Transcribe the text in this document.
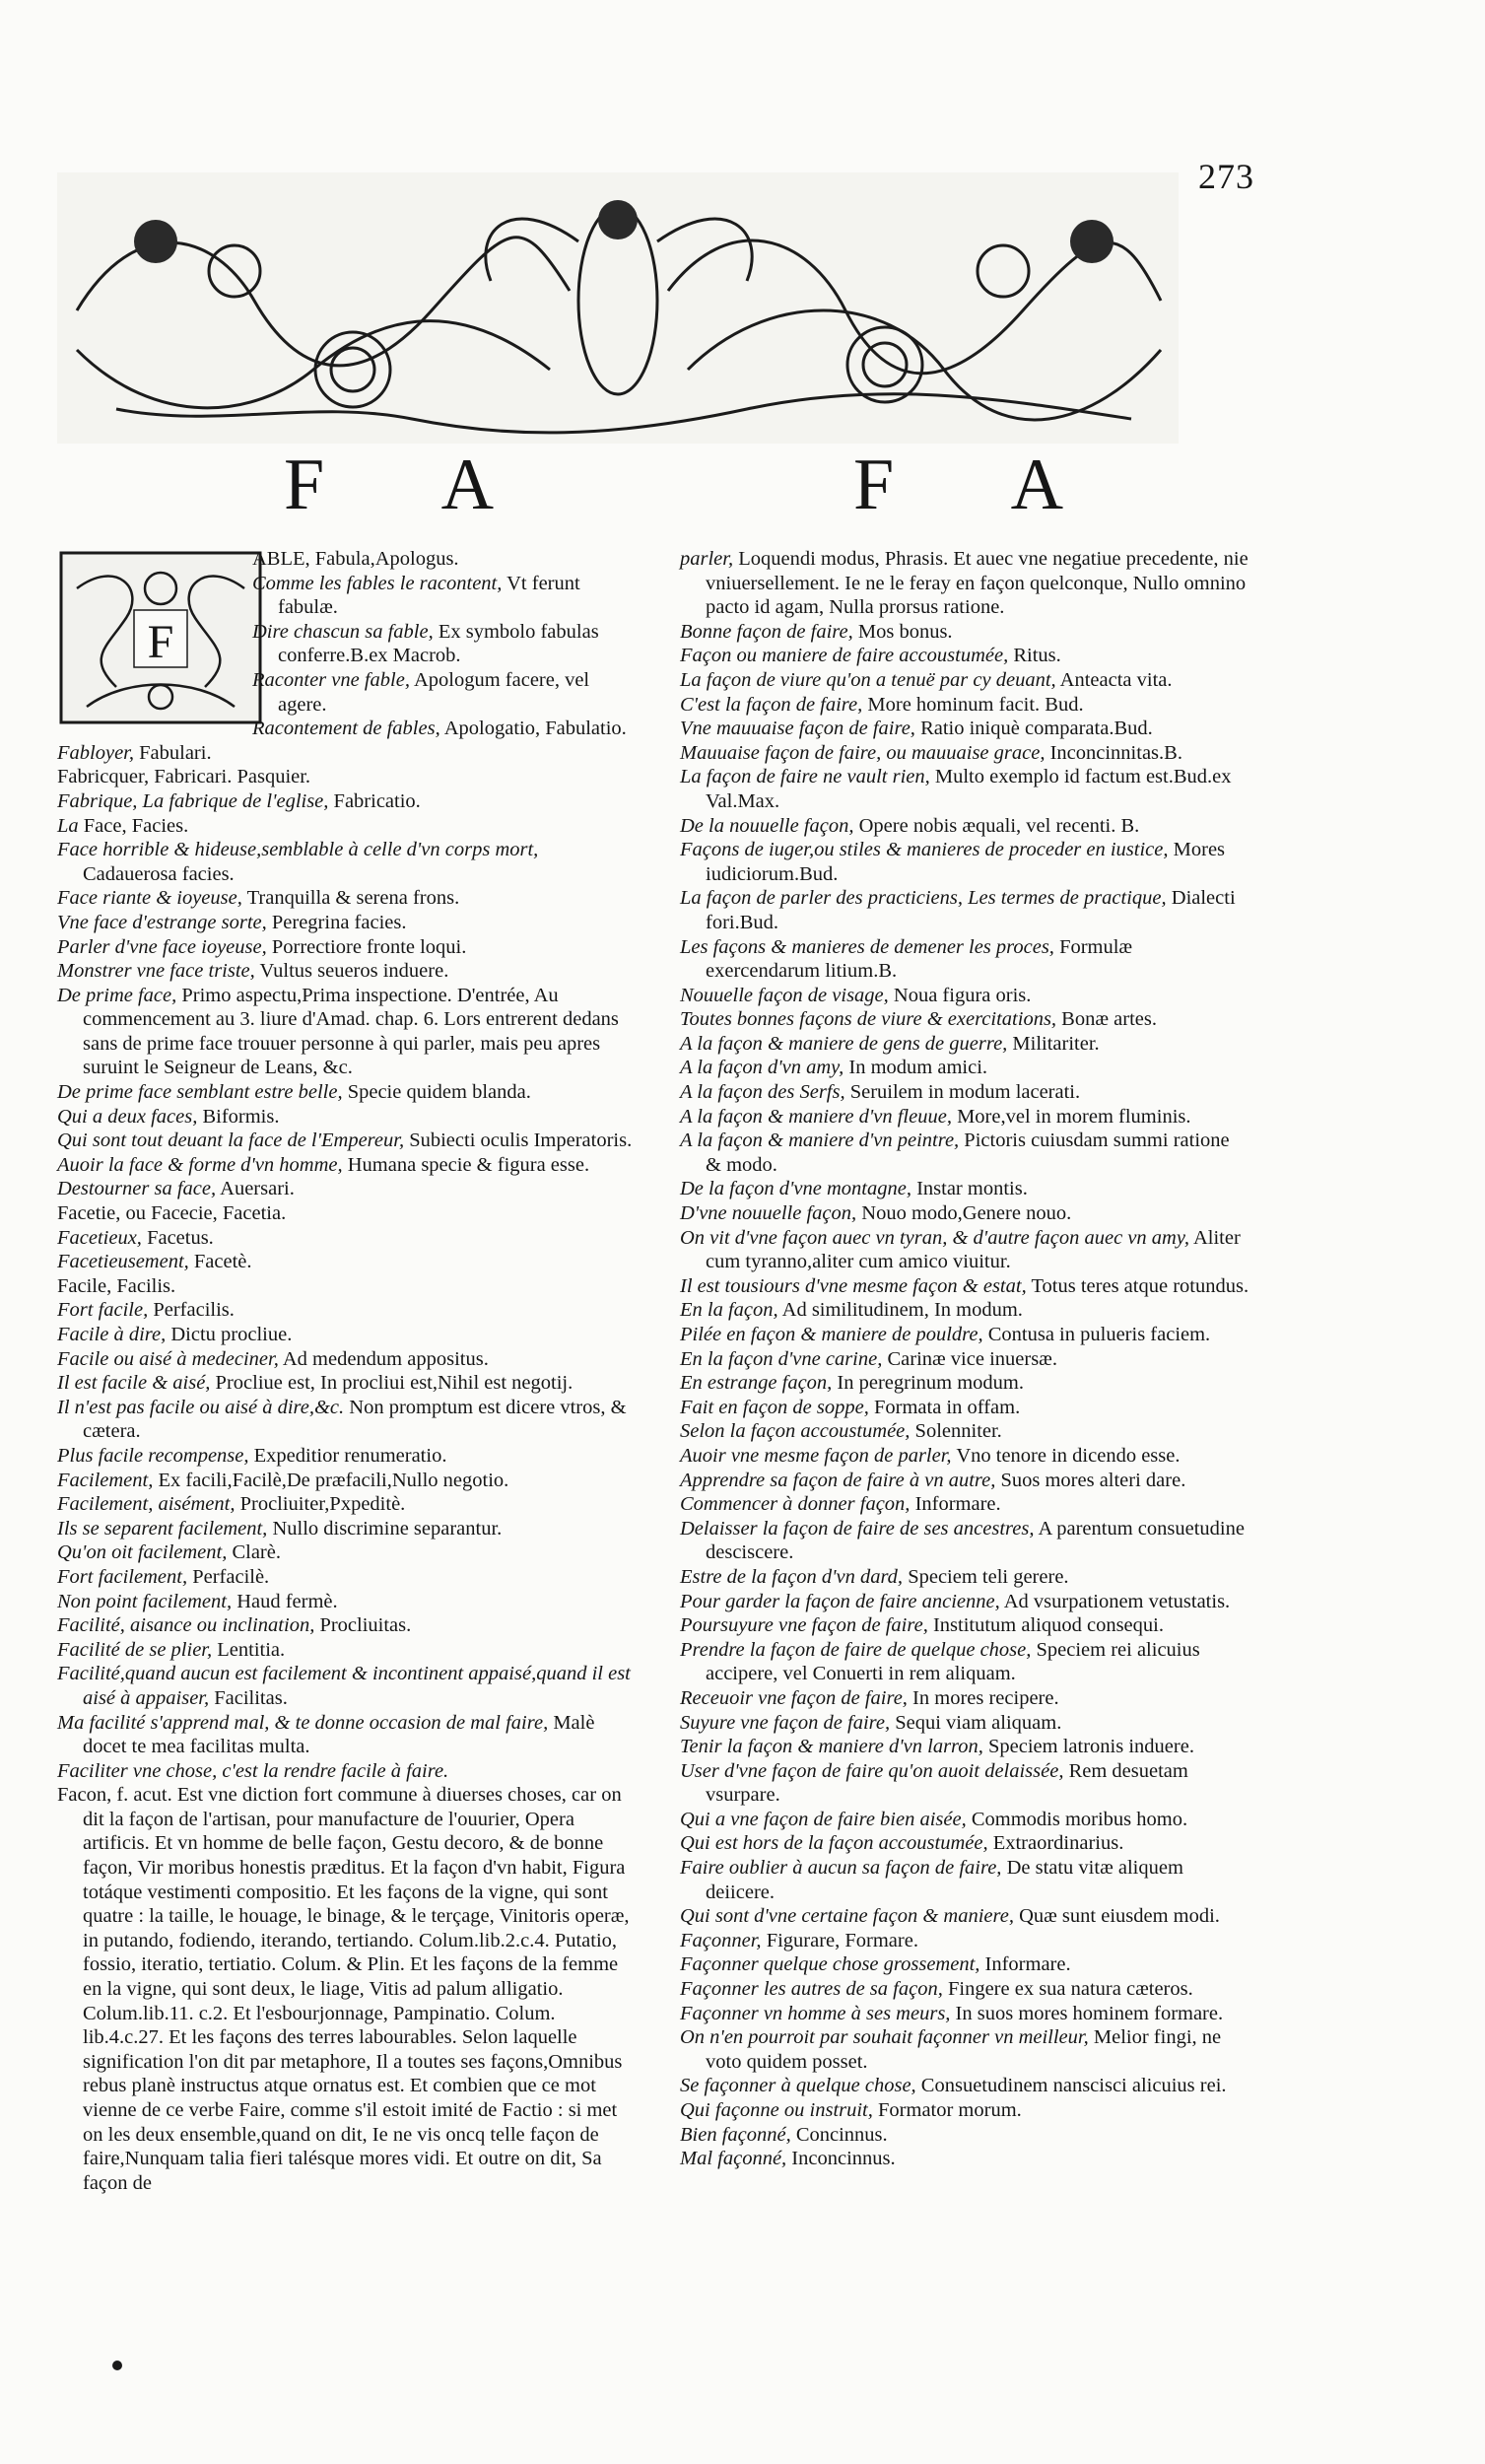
273
F A	F A
F

ABLE, Fabula,Apologus.

Comme les fables le racontent, Vt ferunt fabulæ.

Dire chascun sa fable, Ex symbolo fabulas conferre.B.ex Macrob.

Raconter vne fable, Apologum facere, vel agere.

Racontement de fables, Apologatio, Fabulatio.

Fabloyer, Fabulari.

Fabricquer, Fabricari. Pasquier.

Fabrique, La fabrique de l'eglise, Fabricatio.

La Face, Facies.

Face horrible & hideuse,semblable à celle d'vn corps mort, Cadauerosa facies.

Face riante & ioyeuse, Tranquilla & serena frons.

Vne face d'estrange sorte, Peregrina facies.

Parler d'vne face ioyeuse, Porrectiore fronte loqui.

Monstrer vne face triste, Vultus seueros induere.

De prime face, Primo aspectu,Prima inspectione. D'entrée, Au commencement au 3. liure d'Amad. chap. 6. Lors entrerent dedans sans de prime face trouuer personne à qui parler, mais peu apres suruint le Seigneur de Leans, &c.

De prime face semblant estre belle, Specie quidem blanda.

Qui a deux faces, Biformis.

Qui sont tout deuant la face de l'Empereur, Subiecti oculis Imperatoris.

Auoir la face & forme d'vn homme, Humana specie & figura esse.

Destourner sa face, Auersari.

Facetie, ou Facecie, Facetia.

Facetieux, Facetus.

Facetieusement, Facetè.

Facile, Facilis.

Fort facile, Perfacilis.

Facile à dire, Dictu procliue.

Facile ou aisé à medeciner, Ad medendum appositus.

Il est facile & aisé, Procliue est, In procliui est,Nihil est negotij.

Il n'est pas facile ou aisé à dire,&c. Non promptum est dicere vtros, & cætera.

Plus facile recompense, Expeditior renumeratio.

Facilement, Ex facili,Facilè,De præfacili,Nullo negotio.

Facilement, aisément, Procliuiter,Pxpeditè.

Ils se separent facilement, Nullo discrimine separantur.

Qu'on oit facilement, Clarè.

Fort facilement, Perfacilè.

Non point facilement, Haud fermè.

Facilité, aisance ou inclination, Procliuitas.

Facilité de se plier, Lentitia.

Facilité,quand aucun est facilement & incontinent appaisé,quand il est aisé à appaiser, Facilitas.

Ma facilité s'apprend mal, & te donne occasion de mal faire, Malè docet te mea facilitas multa.

Faciliter vne chose, c'est la rendre facile à faire.

Facon, f. acut. Est vne diction fort commune à diuerses choses, car on dit la façon de l'artisan, pour manufacture de l'ouurier, Opera artificis. Et vn homme de belle façon, Gestu decoro, & de bonne façon, Vir moribus honestis præditus. Et la façon d'vn habit, Figura totáque vestimenti compositio. Et les façons de la vigne, qui sont quatre : la taille, le houage, le binage, & le terçage, Vinitoris operæ, in putando, fodiendo, iterando, tertiando. Colum.lib.2.c.4. Putatio, fossio, iteratio, tertiatio. Colum. & Plin. Et les façons de la femme en la vigne, qui sont deux, le liage, Vitis ad palum alligatio. Colum.lib.11. c.2. Et l'esbourjonnage, Pampinatio. Colum. lib.4.c.27. Et les façons des terres labourables. Selon laquelle signification l'on dit par metaphore, Il a toutes ses façons,Omnibus rebus planè instructus atque ornatus est. Et combien que ce mot vienne de ce verbe Faire, comme s'il estoit imité de Factio : si met on les deux ensemble,quand on dit, Ie ne vis oncq telle façon de faire,Nunquam talia fieri talésque mores vidi. Et outre on dit, Sa façon de

parler, Loquendi modus, Phrasis. Et auec vne negatiue precedente, nie vniuersellement. Ie ne le feray en façon quelconque, Nullo omnino pacto id agam, Nulla prorsus ratione.

Bonne façon de faire, Mos bonus.

Façon ou maniere de faire accoustumée, Ritus.

La façon de viure qu'on a tenuë par cy deuant, Anteacta vita.

C'est la façon de faire, More hominum facit. Bud.

Vne mauuaise façon de faire, Ratio iniquè comparata.Bud.

Mauuaise façon de faire, ou mauuaise grace, Inconcinnitas.B.

La façon de faire ne vault rien, Multo exemplo id factum est.Bud.ex Val.Max.

De la nouuelle façon, Opere nobis æquali, vel recenti. B.

Façons de iuger,ou stiles & manieres de proceder en iustice, Mores iudiciorum.Bud.

La façon de parler des practiciens, Les termes de practique, Dialecti fori.Bud.

Les façons & manieres de demener les proces, Formulæ exercendarum litium.B.

Nouuelle façon de visage, Noua figura oris.

Toutes bonnes façons de viure & exercitations, Bonæ artes.

A la façon & maniere de gens de guerre, Militariter.

A la façon d'vn amy, In modum amici.

A la façon des Serfs, Seruilem in modum lacerati.

A la façon & maniere d'vn fleuue, More,vel in morem fluminis.

A la façon & maniere d'vn peintre, Pictoris cuiusdam summi ratione & modo.

De la façon d'vne montagne, Instar montis.

D'vne nouuelle façon, Nouo modo,Genere nouo.

On vit d'vne façon auec vn tyran, & d'autre façon auec vn amy, Aliter cum tyranno,aliter cum amico viuitur.

Il est tousiours d'vne mesme façon & estat, Totus teres atque rotundus.

En la façon, Ad similitudinem, In modum.

Pilée en façon & maniere de pouldre, Contusa in pulueris faciem.

En la façon d'vne carine, Carinæ vice inuersæ.

En estrange façon, In peregrinum modum.

Fait en façon de soppe, Formata in offam.

Selon la façon accoustumée, Solenniter.

Auoir vne mesme façon de parler, Vno tenore in dicendo esse.

Apprendre sa façon de faire à vn autre, Suos mores alteri dare.

Commencer à donner façon, Informare.

Delaisser la façon de faire de ses ancestres, A parentum consuetudine desciscere.

Estre de la façon d'vn dard, Speciem teli gerere.

Pour garder la façon de faire ancienne, Ad vsurpationem vetustatis.

Poursuyure vne façon de faire, Institutum aliquod consequi.

Prendre la façon de faire de quelque chose, Speciem rei alicuius accipere, vel Conuerti in rem aliquam.

Receuoir vne façon de faire, In mores recipere.

Suyure vne façon de faire, Sequi viam aliquam.

Tenir la façon & maniere d'vn larron, Speciem latronis induere.

User d'vne façon de faire qu'on auoit delaissée, Rem desuetam vsurpare.

Qui a vne façon de faire bien aisée, Commodis moribus homo.

Qui est hors de la façon accoustumée, Extraordinarius.

Faire oublier à aucun sa façon de faire, De statu vitæ aliquem deiicere.

Qui sont d'vne certaine façon & maniere, Quæ sunt eiusdem modi.

Façonner, Figurare, Formare.

Façonner quelque chose grossement, Informare.

Façonner les autres de sa façon, Fingere ex sua natura cæteros.

Façonner vn homme à ses meurs, In suos mores hominem formare.

On n'en pourroit par souhait façonner vn meilleur, Melior fingi, ne voto quidem posset.

Se façonner à quelque chose, Consuetudinem nanscisci alicuius rei.

Qui façonne ou instruit, Formator morum.

Bien façonné, Concinnus.

Mal façonné, Inconcinnus.
